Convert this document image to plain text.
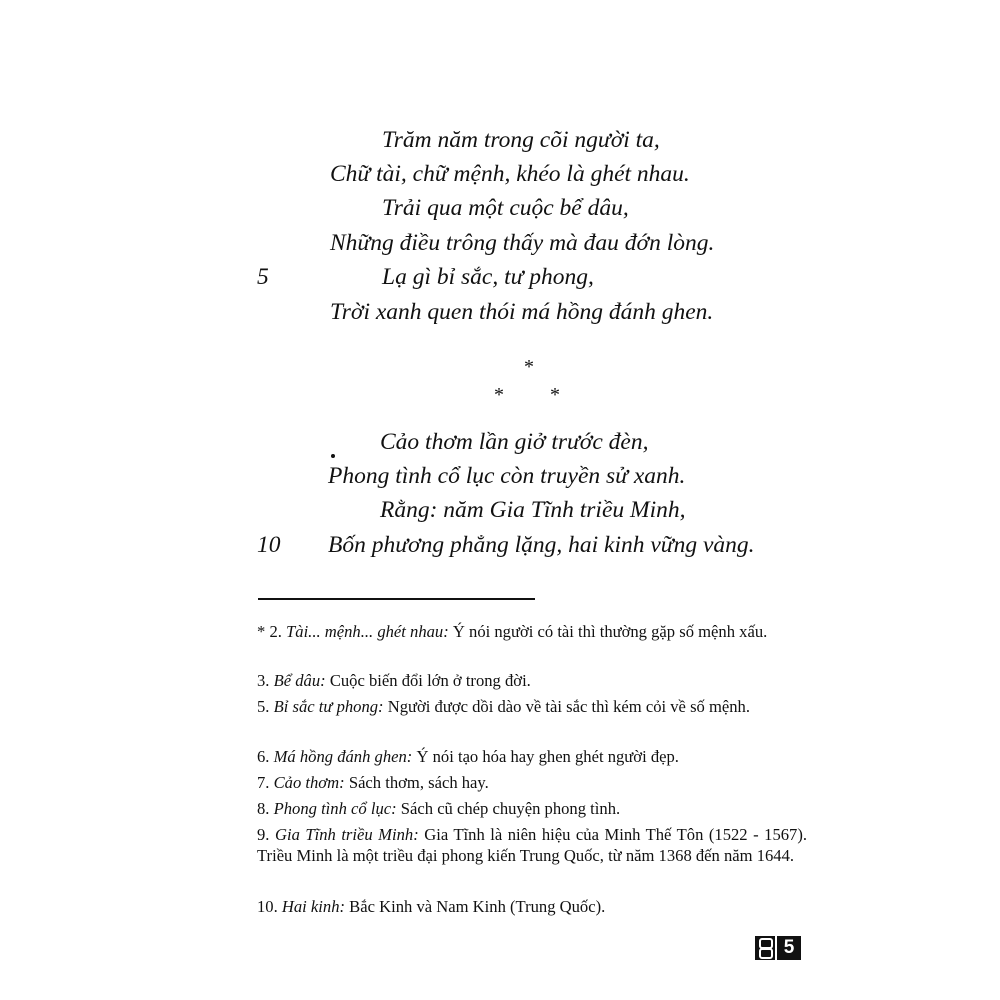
Trăm năm trong cõi người ta,
Chữ tài, chữ mệnh, khéo là ghét nhau.
Trải qua một cuộc bể dâu,
Những điều trông thấy mà đau đớn lòng.
5	Lạ gì bỉ sắc, tư phong,
Trời xanh quen thói má hồng đánh ghen.
*
* *
Cảo thơm lần giở trước đèn,
Phong tình cổ lục còn truyền sử xanh.
Rằng: năm Gia Tĩnh triều Minh,
10 Bốn phương phẳng lặng, hai kinh vững vàng.
* 2. Tài... mệnh... ghét nhau: Ý nói người có tài thì thường gặp số mệnh xấu.
3. Bể dâu: Cuộc biến đổi lớn ở trong đời.
5. Bỉ sắc tư phong: Người được dồi dào về tài sắc thì kém cỏi về số mệnh.
6. Má hồng đánh ghen: Ý nói tạo hóa hay ghen ghét người đẹp.
7. Cảo thơm: Sách thơm, sách hay.
8. Phong tình cổ lục: Sách cũ chép chuyện phong tình.
9. Gia Tĩnh triều Minh: Gia Tĩnh là niên hiệu của Minh Thế Tôn (1522 - 1567). Triều Minh là một triều đại phong kiến Trung Quốc, từ năm 1368 đến năm 1644.
10. Hai kinh: Bắc Kinh và Nam Kinh (Trung Quốc).
5
